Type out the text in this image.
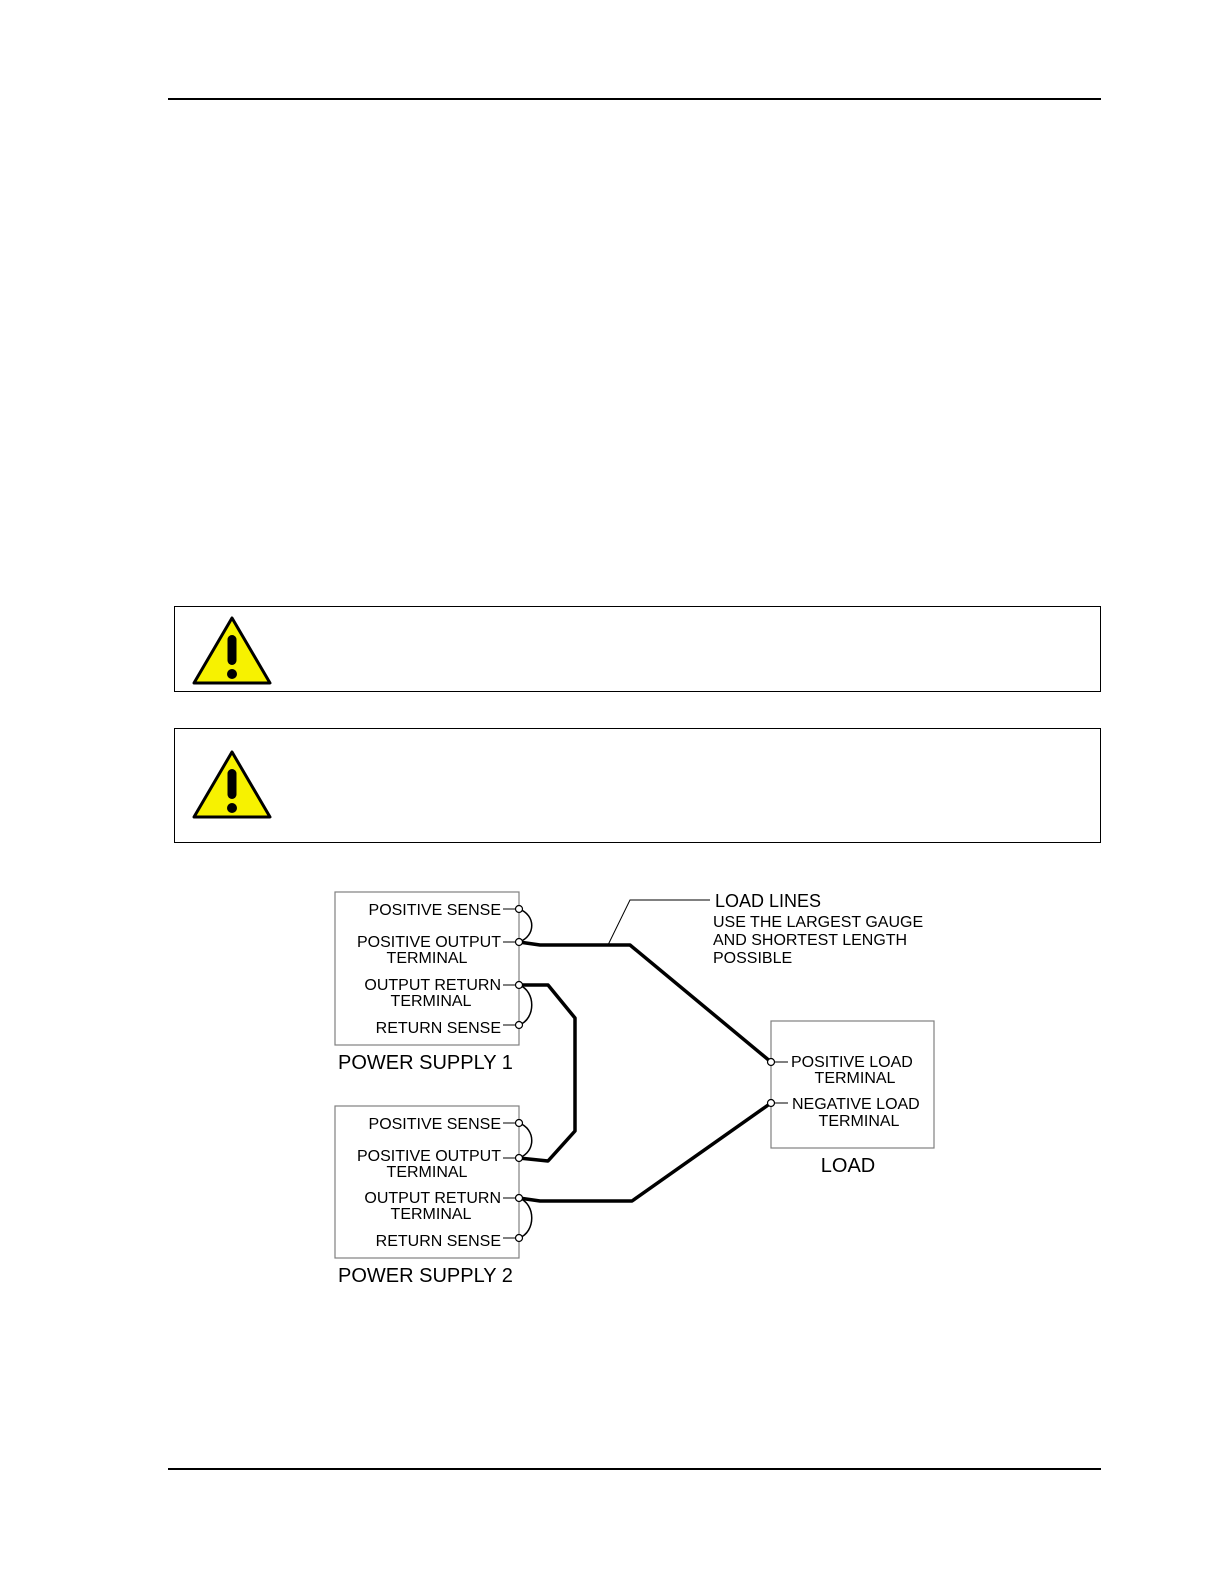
POSITIVE SENSE
POSITIVE OUTPUT
TERMINAL
OUTPUT RETURN
TERMINAL
RETURN SENSE
POWER SUPPLY 1
POSITIVE SENSE
POSITIVE OUTPUT
TERMINAL
OUTPUT RETURN
TERMINAL
RETURN SENSE
POWER SUPPLY 2
POSITIVE LOAD
TERMINAL
NEGATIVE LOAD
TERMINAL
LOAD
LOAD LINES
USE THE LARGEST GAUGE
AND SHORTEST LENGTH
POSSIBLE
